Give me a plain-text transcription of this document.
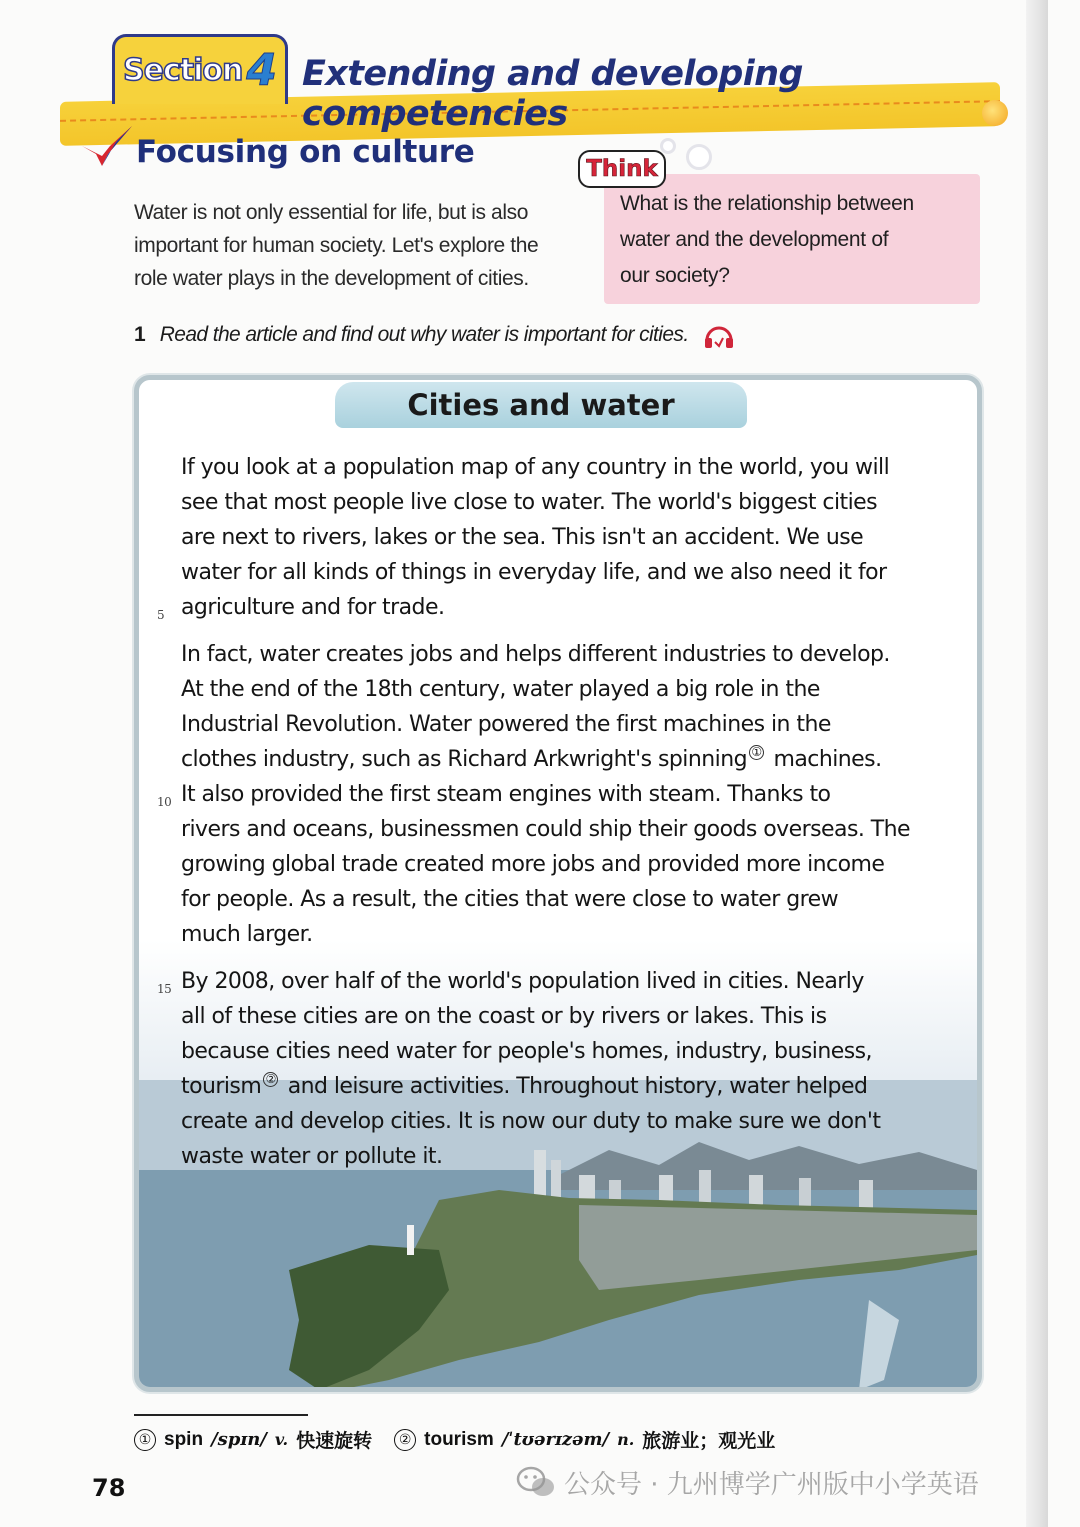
Section 4 Extending and developing competencies
Focusing on culture
Water is not only essential for life, but is also
important for human society. Let's explore the
role water plays in the development of cities.
Think
What is the relationship between
water and the development of
our society?
1 Read the article and find out why water is important for cities.
Cities and water
If you look at a population map of any country in the world, you will
see that most people live close to water. The world's biggest cities
are next to rivers, lakes or the sea. This isn't an accident. We use
water for all kinds of things in everyday life, and we also need it for
5 agriculture and for trade.
In fact, water creates jobs and helps different industries to develop.
At the end of the 18th century, water played a big role in the
Industrial Revolution. Water powered the first machines in the
clothes industry, such as Richard Arkwright's spinning ① machines.
10 It also provided the first steam engines with steam. Thanks to
rivers and oceans, businessmen could ship their goods overseas. The
growing global trade created more jobs and provided more income
for people. As a result, the cities that were close to water grew
much larger.
15 By 2008, over half of the world's population lived in cities. Nearly
all of these cities are on the coast or by rivers or lakes. This is
because cities need water for people's homes, industry, business,
tourism ② and leisure activities. Throughout history, water helped
create and develop cities. It is now our duty to make sure we don't
waste water or pollute it.
① spin /spɪn/ v. 快速旋转	② tourism /ˈtʊərɪzəm/ n. 旅游业；观光业
78	公众号 · 九州博学广州版中小学英语
